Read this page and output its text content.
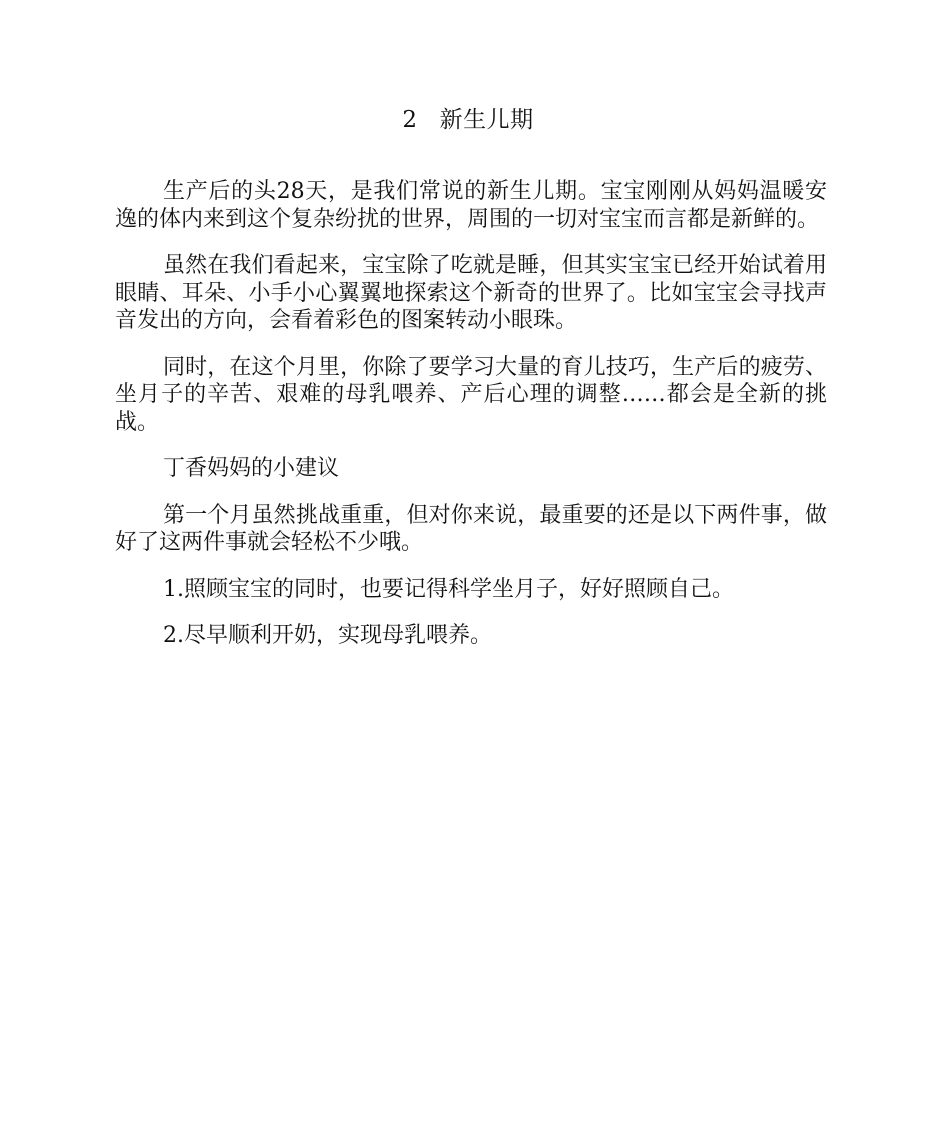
2 新生儿期

生产后的头28天，是我们常说的新生儿期。宝宝刚刚从妈妈温暖安逸的体内来到这个复杂纷扰的世界，周围的一切对宝宝而言都是新鲜的。

虽然在我们看起来，宝宝除了吃就是睡，但其实宝宝已经开始试着用眼睛、耳朵、小手小心翼翼地探索这个新奇的世界了。比如宝宝会寻找声音发出的方向，会看着彩色的图案转动小眼珠。

同时，在这个月里，你除了要学习大量的育儿技巧，生产后的疲劳、坐月子的辛苦、艰难的母乳喂养、产后心理的调整……都会是全新的挑战。

丁香妈妈的小建议

第一个月虽然挑战重重，但对你来说，最重要的还是以下两件事，做好了这两件事就会轻松不少哦。

1.照顾宝宝的同时，也要记得科学坐月子，好好照顾自己。

2.尽早顺利开奶，实现母乳喂养。
